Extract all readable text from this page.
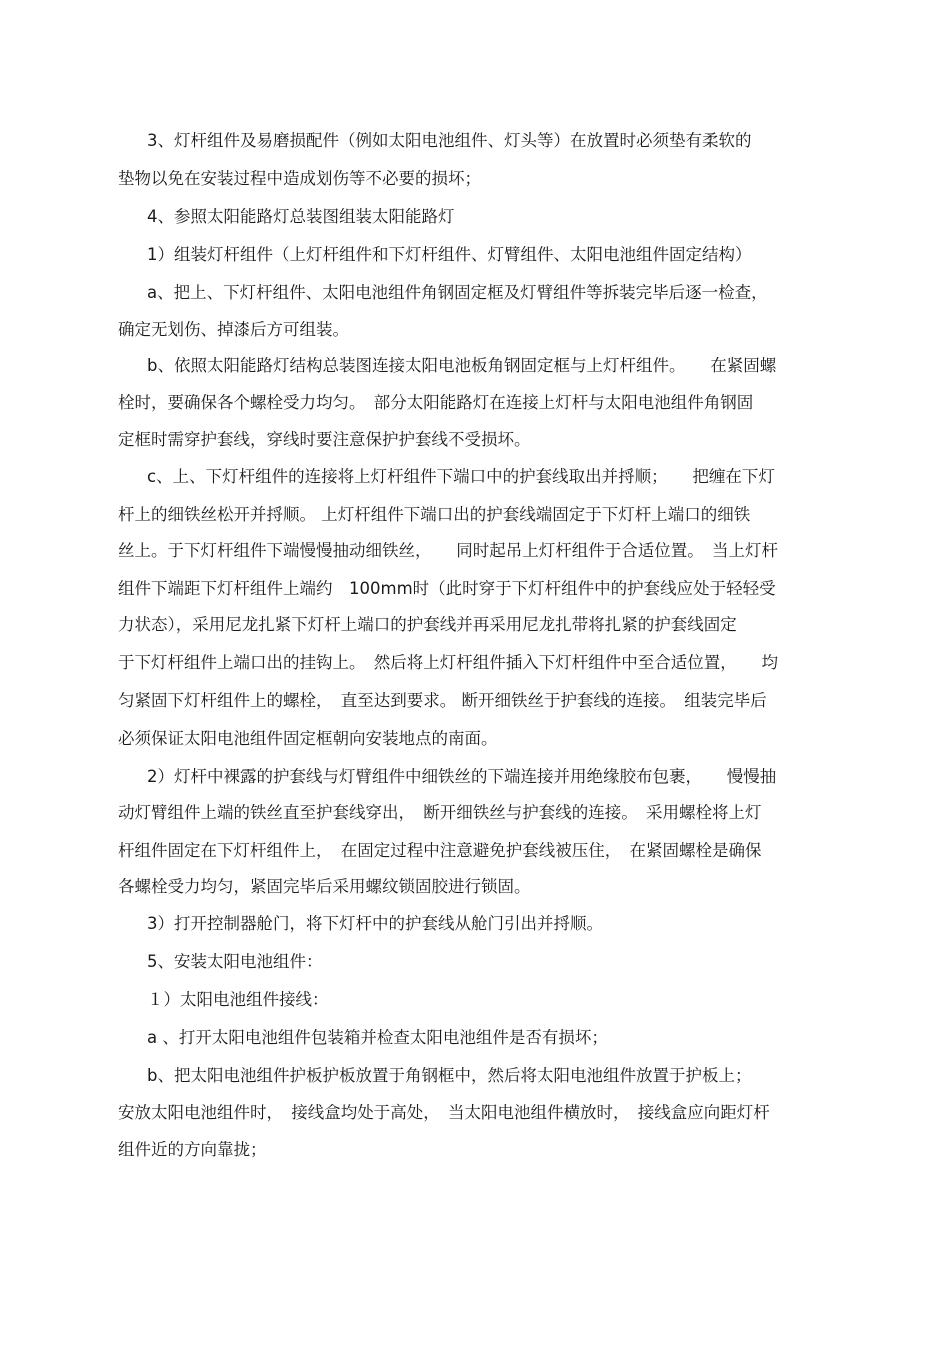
3、灯杆组件及易磨损配件（例如太阳电池组件、灯头等）在放置时必须垫有柔软的
垫物以免在安装过程中造成划伤等不必要的损坏；
4、参照太阳能路灯总装图组装太阳能路灯
1）组装灯杆组件（上灯杆组件和下灯杆组件、灯臂组件、太阳电池组件固定结构）
a、把上、下灯杆组件、太阳电池组件角钢固定框及灯臂组件等拆装完毕后逐一检查，
确定无划伤、掉漆后方可组装。
b、依照太阳能路灯结构总装图连接太阳电池板角钢固定框与上灯杆组件。　　在紧固螺
栓时，要确保各个螺栓受力均匀。　部分太阳能路灯在连接上灯杆与太阳电池组件角钢固
定框时需穿护套线，穿线时要注意保护护套线不受损坏。
c、上、下灯杆组件的连接将上灯杆组件下端口中的护套线取出并捋顺；　　把缠在下灯
杆上的细铁丝松开并捋顺。 上灯杆组件下端口出的护套线端固定于下灯杆上端口的细铁
丝上。于下灯杆组件下端慢慢抽动细铁丝，　　同时起吊上灯杆组件于合适位置。　当上灯杆
组件下端距下灯杆组件上端约　100mm时（此时穿于下灯杆组件中的护套线应处于轻轻受
力状态），采用尼龙扎紧下灯杆上端口的护套线并再采用尼龙扎带将扎紧的护套线固定
于下灯杆组件上端口出的挂钩上。　然后将上灯杆组件插入下灯杆组件中至合适位置，　　均
匀紧固下灯杆组件上的螺栓，　直至达到要求。 断开细铁丝于护套线的连接。　组装完毕后
必须保证太阳电池组件固定框朝向安装地点的南面。
2）灯杆中裸露的护套线与灯臂组件中细铁丝的下端连接并用绝缘胶布包裹，　　慢慢抽
动灯臂组件上端的铁丝直至护套线穿出，　断开细铁丝与护套线的连接。　采用螺栓将上灯
杆组件固定在下灯杆组件上，　在固定过程中注意避免护套线被压住，　在紧固螺栓是确保
各螺栓受力均匀，紧固完毕后采用螺纹锁固胶进行锁固。
3）打开控制器舱门，将下灯杆中的护套线从舱门引出并捋顺。
5、安装太阳电池组件：
１）太阳电池组件接线：
a 、打开太阳电池组件包装箱并检查太阳电池组件是否有损坏；
b、把太阳电池组件护板护板放置于角钢框中，然后将太阳电池组件放置于护板上；
安放太阳电池组件时，　接线盒均处于高处，　当太阳电池组件横放时，　接线盒应向距灯杆
组件近的方向靠拢；
